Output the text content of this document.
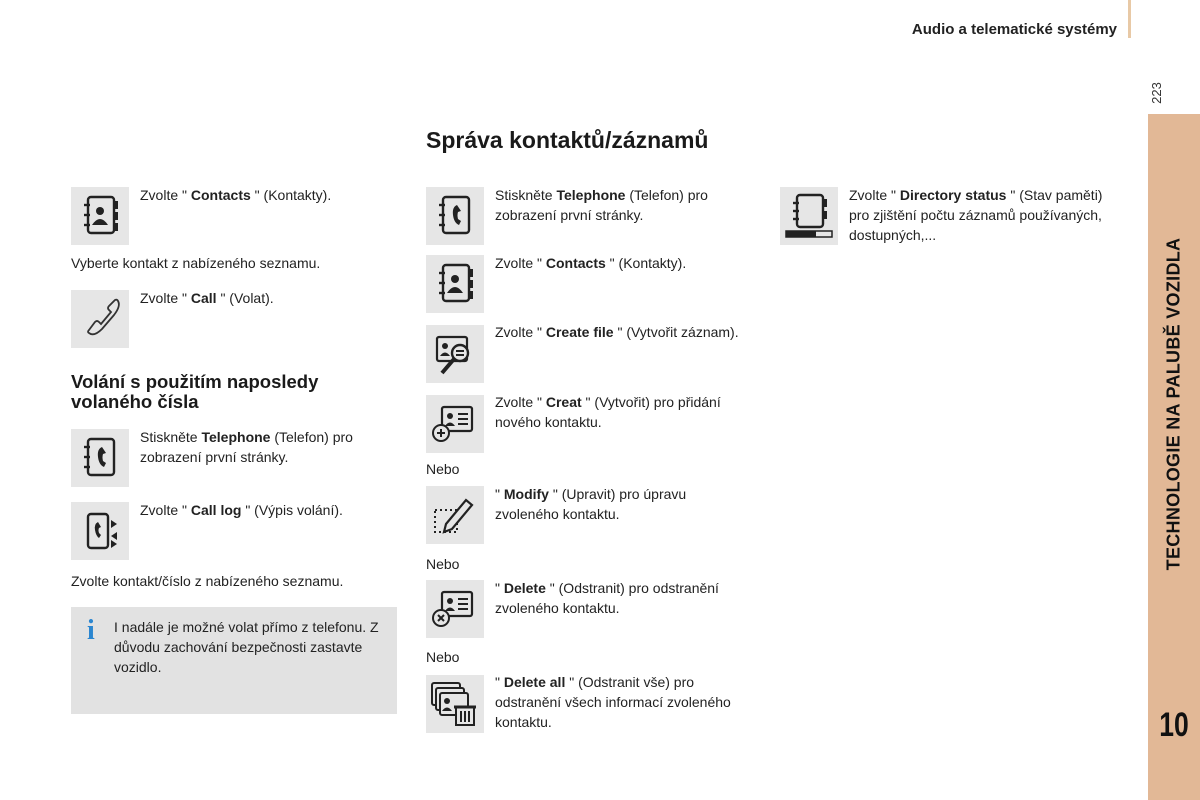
Audio a telematické systémy
223
TECHNOLOGIE NA PALUBĚ VOZIDLA
10
Správa kontaktů/záznamů
Zvolte " Contacts " (Kontakty).
Vyberte kontakt z nabízeného seznamu.
Zvolte " Call " (Volat).
Volání s použitím naposledy
volaného čísla
Stiskněte Telephone (Telefon) pro zobrazení první stránky.
Zvolte " Call log " (Výpis volání).
Zvolte kontakt/číslo z nabízeného seznamu.
i I nadále je možné volat přímo z telefonu. Z důvodu zachování bezpečnosti zastavte vozidlo.
Stiskněte Telephone (Telefon) pro zobrazení první stránky.
Zvolte " Contacts " (Kontakty).
Zvolte " Create file " (Vytvořit záznam).
Zvolte " Creat " (Vytvořit) pro přidání nového kontaktu.
Nebo
" Modify " (Upravit) pro úpravu zvoleného kontaktu.
Nebo
" Delete " (Odstranit) pro odstranění zvoleného kontaktu.
Nebo
" Delete all " (Odstranit vše) pro odstranění všech informací zvoleného kontaktu.
Zvolte " Directory status " (Stav paměti) pro zjištění počtu záznamů používaných, dostupných,...
